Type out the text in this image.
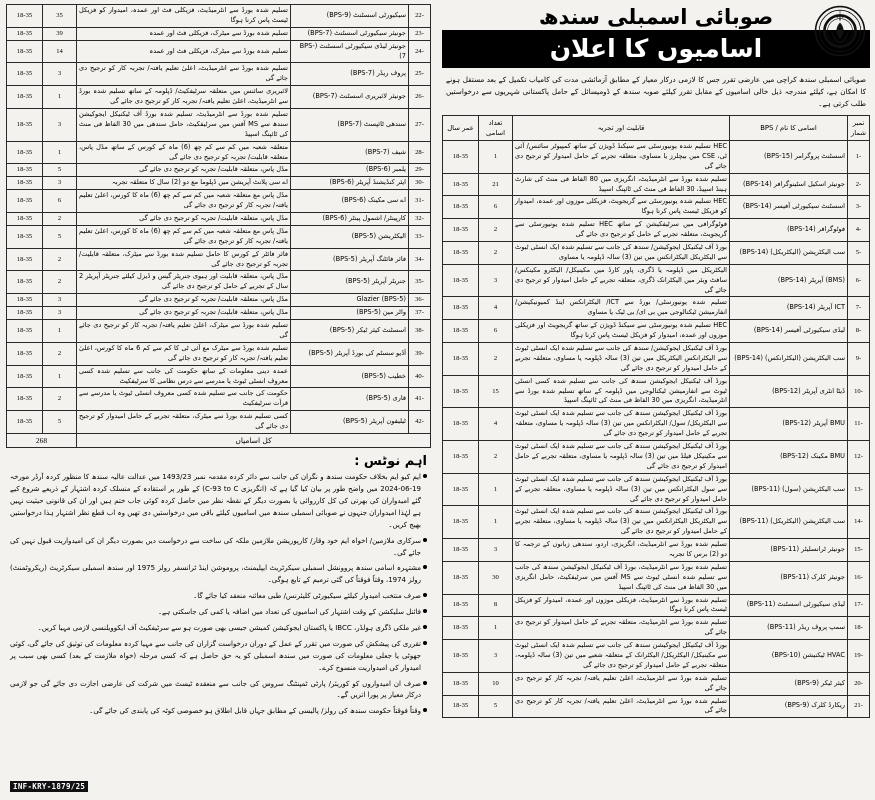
-22	سیکیورٹی اسسٹنٹ (BPS-9)	تسلیم شدہ بورڈ سے انٹرمیڈیٹ، فزیکلی فٹ اور عمدہ، امیدوار کو فزیکل ٹیسٹ پاس کرنا ہوگا	35	18-35
-23	جونیئر سیکیورٹی اسسٹنٹ (BPS-7)	تسلیم شدہ بورڈ سے میٹرک، فزیکلی فٹ اور عمدہ	39	18-35
-24	جونیئر لیڈی سیکیورٹی اسسٹنٹ (BPS-7)	تسلیم شدہ بورڈ سے میٹرک، فزیکلی فٹ اور عمدہ	14	18-35
-25	پروف ریڈر (BPS-7)	تسلیم شدہ بورڈ سے انٹرمیڈیٹ، اعلیٰ تعلیم یافتہ/ تجربہ کار کو ترجیح دی جائے گی	3	18-35
-26	جونیئر لائبریری اسسٹنٹ (BPS-7)	لائبریری سائنس میں متعلقہ سرٹیفکیٹ/ ڈپلومہ کے ساتھ تسلیم شدہ بورڈ سے انٹرمیڈیٹ، اعلیٰ تعلیم یافتہ/ تجربہ کار کو ترجیح دی جائے گی	1	18-35
-27	سندھی ٹائپسٹ (BPS-7)	تسلیم شدہ بورڈ سے انٹرمیڈیٹ، تسلیم شدہ بورڈ آف ٹیکنیکل ایجوکیشن سندھ سے MS آفس میں سرٹیفکیٹ، حامل سندھی میں 30 الفاظ فی منٹ کی ٹائپنگ اسپیڈ	3	18-35
-28	شیف (BPS-7)	متعلقہ شعبہ میں کم سے کم چھ (6) ماہ کے کورس کے ساتھ مڈل پاس، متعلقہ قابلیت/ تجربہ کو ترجیح دی جائے گی	1	18-35
-29	پلمبر (BPS-6)	مڈل پاس، متعلقہ قابلیت/ تجربہ کو ترجیح دی جائے گی	5	18-35
-30	ایئر کنڈیشنڈ آپریٹر (BPS-6)	اے سی پلانٹ آپریشن میں ڈپلوما مع دو (2) سال کا متعلقہ تجربہ	3	18-35
-31	اے سی مکینک (BPS-6)	مڈل پاس مع متعلقہ شعبہ میں کم سے کم چھ (6) ماہ کا کورس، اعلیٰ تعلیم یافتہ/ تجربہ کار کو ترجیح دی جائے گی	6	18-35
-32	کارپینٹر/ اشمول پینٹر (BPS-6)	مڈل پاس، متعلقہ قابلیت/ تجربہ کو ترجیح دی جائے گی	2	18-35
-33	الیکٹریشن (BPS-5)	مڈل پاس مع متعلقہ شعبہ میں کم سے کم چھ (6) ماہ کا کورس، اعلیٰ تعلیم یافتہ/ تجربہ کار کو ترجیح دی جائے گی	5	18-35
-34	فائر فائٹنگ آپریٹر (BPS-5)	فائر فائٹر کے کورس کا حامل تسلیم شدہ بورڈ سے میٹرک، متعلقہ قابلیت/ تجربہ کو ترجیح دی جائے گی	2	18-35
-35	جنریٹر آپریٹر (BPS-5)	مڈل پاس، متعلقہ قابلیت اور ہیوی جنریٹر گیس و ڈیزل کیلئے جنریٹر آپریٹر 2 سال کے تجربے کے حامل کو ترجیح دی جائے گی	2	18-35
-36	Glazier (BPS-5)	مڈل پاس، متعلقہ قابلیت/ تجربہ کو ترجیح دی جائے گی	3	18-35
-37	واٹر مین (BPS-5)	مڈل پاس، متعلقہ قابلیت/ تجربہ کو ترجیح دی جائے گی	3	18-35
-38	اسسٹنٹ کیئر ٹیکر (BPS-5)	تسلیم شدہ بورڈ سے میٹرک، اعلیٰ تعلیم یافتہ/ تجربہ کار کو ترجیح دی جائے گی	1	18-35
-39	آڈیو سسٹم کی بورڈ آپریٹر (BPS-5)	تسلیم شدہ بورڈ سے میٹرک مع آئی ٹی کا کم سے کم 6 ماہ کا کورس، اعلیٰ تعلیم یافتہ/ تجربہ کار کو ترجیح دی جائے گی	2	18-35
-40	خطیب (BPS-5)	عمدہ دینی معلومات کے ساتھ حکومت کی جانب سے تسلیم شدہ کسی معروف انسٹی ٹیوٹ یا مدرسے سے درس نظامی کا سرٹیفکیٹ	1	18-35
-41	قاری (BPS-5)	حکومت کی جانب سے تسلیم شدہ کسی معروف انسٹی ٹیوٹ یا مدرسے سے قرأت سرٹیفکیٹ	2	18-35
-42	ٹیلیفون آپریٹر (BPS-5)	کسی تسلیم شدہ بورڈ سے میٹرک، متعلقہ تجربے کے حامل امیدوار کو ترجیح دی جائے گی	5	18-35
کل اسامیاں			268	
اہم نوٹس :
ایم کیو ایم بخلاف حکومت سندھ و نگران کی جانب سے دائر کردہ مقدمہ نمبر 1493/23 میں عدالت عالیہ سندھ کا منظور کردہ آرڈر مورخہ 19-06-2024 میں واضح طور پر بیان کیا گیا ہے کہ (انگریزی C-93 to C) کے طور پر استقادہ کے منسلک کردہ اشتہار کے ذریعے شروع کیے گئے امیدواران کی بھرتی کی کل کارروائی یا بصورت دیگر کے نقطہ نظر میں حاصل کردہ کوئی جاب ختم ہیں اور ان کی قانونی حیثیت نہیں ہے لہٰذا امیدواران جنہوں نے صوبائی اسمبلی سندھ میں اسامیوں کیلئے باقی میں درخواستیں دی تھیں وہ اب قطع نظر اشتہار ہذا درخواستیں بھیج کریں۔
سرکاری ملازمین/ اخواہ ایم خود وقار/ کارپوریشن ملازمین ملکہ کی ساخت سے درخواست دیں بصورت دیگر ان کی امیدواریت قبول نہیں کی جائے گی۔
مشتہرہ اسامی سندھ پروونشل اسمبلی سیکرٹریٹ ایپلیمنٹ، پروموشن اینڈ ٹرانسفر رولز 1975 اور سندھ اسمبلی سیکرٹریٹ (ریکروٹمنٹ) رولز 1974، وقتاً فوقتاً کی گئی ترمیم کے تابع ہوگی۔
صرف منتخب امیدوار کیلئے سیکیورٹی کلیئرنس/ طبی معائنہ منعقد کیا جائے گا۔
فائنل سلیکشن کے وقت اشتہار کی اسامیوں کی تعداد میں اضافہ یا کمی کی جاسکتی ہے۔
غیر ملکی ڈگری ہولڈر، IBCC یا پاکستان ایجوکیشن کمیشن جیسی بھی صورت ہو سے سرٹیفکیٹ آف ایکوویلنسی لازمی مہیا کریں۔
تقرری کی پیشکش کی صورت میں تقرر کے عمل کے دوران درخواست گزاران کی جانب سے مہیا کردہ معلومات کی توثیق کی جائے گی، کوئی جھوٹی یا جعلی معلومات کی صورت میں سندھ اسمبلی کو یہ حق حاصل ہے کہ کسی مرحلہ (خواہ ملازمت کے بعد) کسی بھی سبب پر امیدوار کی امیدواریت منسوخ کرے۔
صرف ان امیدواروں کو کوریئر/ پارٹی ٹمپنٹنگ سروس کی جانب سے منعقدہ ٹیسٹ میں شرکت کی عارضی اجازت دی جائے گی جو لازمی درکار معیار پر پورا اتریں گے۔
وقتاً فوقتاً حکومت سندھ کی رولز/ پالیسی کے مطابق جہاں قابل اطلاق ہو خصوصی کوٹہ کی پابندی کی جائے گی۔
INF-KRY-1879/25
صوبائی اسمبلی سندھ
اسامیوں کا اعلان
صوبائی اسمبلی سندھ کراچی میں عارضی تقرر جس کا لازمی درکار معیار کے مطابق آزمائشی مدت کی کامیاب تکمیل کے بعد مستقل ہونے کا امکان ہے، کیلئے مندرجہ ذیل خالی اسامیوں کے مقابل تقرر کیلئے صوبہ سندھ کے ڈومیسائل کے حامل پاکستانی شہریوں سے درخواستیں طلب کرتی ہے۔
نمبر شمار	اسامی کا نام / BPS	قابلیت اور تجربہ	تعداد اسامی	عمر سال
-1	اسسٹنٹ پروگرامر (BPS-15)	HEC تسلیم شدہ یونیورسٹی سے سیکنڈ ڈویژن کے ساتھ کمپیوٹر سائنس/ آئی ٹی، CSE میں بیچلرز یا مساوی، متعلقہ تجربے کے حامل امیدوار کو ترجیح دی جائے گی	1	18-35
-2	جونیئر اسکیل اسٹینوگرافر (BPS-14)	تسلیم شدہ بورڈ سے انٹرمیڈیٹ، انگریزی میں 80 الفاظ فی منٹ کی شارٹ ہینڈ اسپیڈ، 30 الفاظ فی منٹ کی ٹائپنگ اسپیڈ	21	18-35
-3	اسسٹنٹ سیکیورٹی آفیسر (BPS-14)	HEC تسلیم شدہ یونیورسٹی سے گریجویٹ، فزیکلی موزوں اور عمدہ، امیدوار کو فزیکل ٹیسٹ پاس کرنا ہوگا	6	18-35
-4	فوٹوگرافر (BPS-14)	فوٹوگرافی میں سرٹیفکیشن کے ساتھ HEC تسلیم شدہ یونیورسٹی سے گریجویٹ، متعلقہ تجربے کے حامل کو ترجیح دی جائے گی	2	18-35
-5	سب الیکٹریشن (الیکٹریکل) (BPS-14)	بورڈ آف ٹیکنیکل ایجوکیشن/ سندھ کی جانب سے تسلیم شدہ ایک انسٹی ٹیوٹ سے الیکٹریکل الیکٹرانکس میں تین (3) سالہ ڈپلومہ یا مساوی	2	18-35
-6	(BMS) آپریٹر (BPS-14)	الیکٹریکل میں ڈپلومہ یا ڈگری، پاور کارڈ میں مکینیکل/ الیکٹرو مکینکس/ سافٹ ویئر میں الیکٹرانک ڈگری، متعلقہ تجربے کے حامل امیدوار کو ترجیح دی جائے گی	3	18-35
-7	ICT آپریٹر (BPS-14)	تسلیم شدہ یونیورسٹی/ بورڈ سے ICT/ الیکٹرانکس اینڈ کمیونیکیشن/ انفارمیشن ٹیکنالوجی میں بی ای/ بی ٹیک یا مساوی	4	18-35
-8	لیڈی سیکیورٹی آفیسر (BPS-14)	HEC تسلیم شدہ یونیورسٹی سے سیکنڈ ڈویژن کے ساتھ گریجویٹ اور فزیکلی موزوں اور عمدہ، امیدوار کو فزیکل ٹیسٹ پاس کرنا ہوگا	6	18-35
-9	سب الیکٹریشن (الیکٹرانکس) (BPS-14)	بورڈ آف ٹیکنیکل ایجوکیشن/ سندھ کی جانب سے تسلیم شدہ ایک انسٹی ٹیوٹ سے الیکٹرانکس الیکٹریکل میں تین (3) سالہ ڈپلومہ یا مساوی، متعلقہ تجربے کے حامل امیدوار کو ترجیح دی جائے گی	2	18-35
-10	ڈیٹا انٹری آپریٹر (BPS-12)	بورڈ آف ٹیکنیکل ایجوکیشن سندھ کی جانب سے تسلیم شدہ کسی انسٹی ٹیوٹ سے انفارمیشن ٹیکنالوجی میں ڈپلومہ کے ساتھ تسلیم شدہ بورڈ سے انٹرمیڈیٹ، انگریزی میں 30 الفاظ فی منٹ کی ٹائپنگ اسپیڈ	15	18-35
-11	BMU آپریٹر (BPS-12)	بورڈ آف ٹیکنیکل ایجوکیشن سندھ کی جانب سے تسلیم شدہ ایک انسٹی ٹیوٹ سے الیکٹریکل/ سول/ الیکٹرانکس میں تین (3) سالہ ڈپلومہ یا مساوی، متعلقہ تجربے کے حامل امیدوار کو ترجیح دی جائے گی	4	18-35
-12	BMU مکینک (BPS-12)	بورڈ آف ٹیکنیکل ایجوکیشن سندھ کی جانب سے تسلیم شدہ ایک انسٹی ٹیوٹ سے مکینیکل فیلڈ میں تین (3) سالہ ڈپلومہ یا مساوی، متعلقہ تجربے کے حامل امیدوار کو ترجیح دی جائے گی	2	18-35
-13	سب الیکٹریشن (سول) (BPS-11)	بورڈ آف ٹیکنیکل ایجوکیشن سندھ کی جانب سے تسلیم شدہ ایک انسٹی ٹیوٹ سے سول الیکٹرانکس میں تین (3) سالہ ڈپلومہ یا مساوی، متعلقہ تجربے کے حامل امیدوار کو ترجیح دی جائے گی	1	18-35
-14	سب الیکٹریشن (الیکٹریکل) (BPS-11)	بورڈ آف ٹیکنیکل ایجوکیشن سندھ کی جانب سے تسلیم شدہ ایک انسٹی ٹیوٹ سے الیکٹریکل الیکٹرانکس میں تین (3) سالہ ڈپلومہ یا مساوی، متعلقہ تجربے کے حامل امیدوار کو ترجیح دی جائے گی	1	18-35
-15	جونیئر ٹرانسلیٹر (BPS-11)	تسلیم شدہ بورڈ سے انٹرمیڈیٹ، انگریزی، اردو، سندھی زبانوں کے ترجمہ کا دو (2) برس کا تجربہ	3	18-35
-16	جونیئر کلرک (BPS-11)	تسلیم شدہ بورڈ سے انٹرمیڈیٹ، بورڈ آف ٹیکنیکل ایجوکیشن سندھ کی جانب سے تسلیم شدہ انسٹی ٹیوٹ سے MS آفس میں سرٹیفکیٹ، حامل انگریزی میں 30 الفاظ فی منٹ کی ٹائپنگ اسپیڈ	30	18-35
-17	لیڈی سیکیورٹی اسسٹنٹ (BPS-11)	تسلیم شدہ بورڈ سے انٹرمیڈیٹ، فزیکلی موزوں اور عمدہ، امیدوار کو فزیکل ٹیسٹ پاس کرنا ہوگا	8	18-35
-18	سمپ پروف ریڈر (BPS-11)	تسلیم شدہ بورڈ سے انٹرمیڈیٹ، متعلقہ تجربے کے حامل امیدوار کو ترجیح دی جائے گی	1	18-35
-19	HVAC ٹیکنیشن (BPS-10)	بورڈ آف ٹیکنیکل ایجوکیشن سندھ کی جانب سے تسلیم شدہ ایک انسٹی ٹیوٹ سے مکینیکل/ الیکٹریکل/ الیکٹرانک کے متعلقہ شعبے میں تین (3) سالہ ڈپلومہ، متعلقہ تجربے کے حامل امیدوار کو ترجیح دی جائے گی	3	18-35
-20	کیئر ٹیکر (BPS-9)	تسلیم شدہ بورڈ سے انٹرمیڈیٹ، اعلیٰ تعلیم یافتہ/ تجربہ کار کو ترجیح دی جائے گی	10	18-35
-21	ریکارڈ کلرک (BPS-9)	تسلیم شدہ بورڈ سے انٹرمیڈیٹ، اعلیٰ تعلیم یافتہ/ تجربہ کار کو ترجیح دی جائے گی	5	18-35
